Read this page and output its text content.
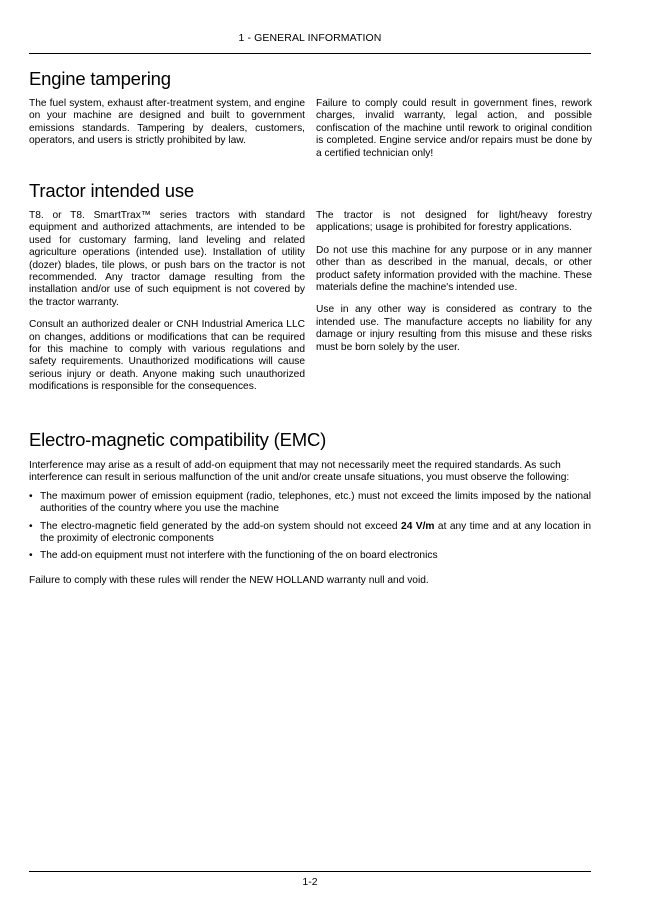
1 - GENERAL INFORMATION
Engine tampering

The fuel system, exhaust after-treatment system, and engine on your machine are designed and built to government emissions standards. Tampering by dealers, customers, operators, and users is strictly prohibited by law.

Failure to comply could result in government fines, rework charges, invalid warranty, legal action, and possible confiscation of the machine until rework to original condition is completed. Engine service and/or repairs must be done by a certified technician only!

Tractor intended use

T8. or T8. SmartTrax™ series tractors with standard equipment and authorized attachments, are intended to be used for customary farming, land leveling and related agriculture operations (intended use). Installation of utility (dozer) blades, tile plows, or push bars on the tractor is not recommended. Any tractor damage resulting from the installation and/or use of such equipment is not covered by the tractor warranty.

Consult an authorized dealer or CNH Industrial America LLC on changes, additions or modifications that can be required for this machine to comply with various regulations and safety requirements. Unauthorized modifications will cause serious injury or death. Anyone making such unauthorized modifications is responsible for the consequences.

The tractor is not designed for light/heavy forestry applications; usage is prohibited for forestry applications.

Do not use this machine for any purpose or in any manner other than as described in the manual, decals, or other product safety information provided with the machine. These materials define the machine's intended use.

Use in any other way is considered as contrary to the intended use. The manufacture accepts no liability for any damage or injury resulting from this misuse and these risks must be born solely by the user.

Electro-magnetic compatibility (EMC)

Interference may arise as a result of add-on equipment that may not necessarily meet the required standards. As such interference can result in serious malfunction of the unit and/or create unsafe situations, you must observe the following:

• The maximum power of emission equipment (radio, telephones, etc.) must not exceed the limits imposed by the national authorities of the country where you use the machine
• The electro-magnetic field generated by the add-on system should not exceed 24 V/m at any time and at any location in the proximity of electronic components
• The add-on equipment must not interfere with the functioning of the on board electronics

Failure to comply with these rules will render the NEW HOLLAND warranty null and void.

1-2
